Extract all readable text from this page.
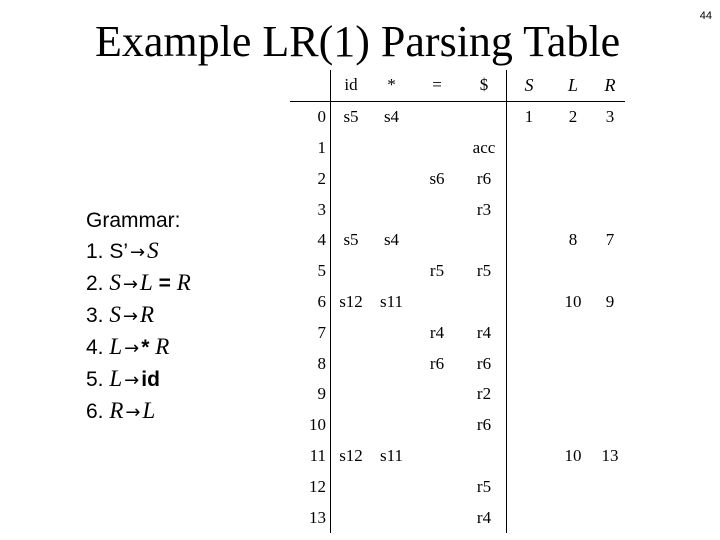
44
Example LR(1) Parsing Table
Grammar:
1. S’ →S
2. S →L = R
3. S →R
4. L →* R
5. L →id
6. R →L
	id	*	=	$	S	L	R
0	s5	s4			1	2	3
1				acc			
2			s6	r6			
3				r3			
4	s5	s4				8	7
5			r5	r5			
6	s12	s11				10	9
7			r4	r4			
8			r6	r6			
9				r2			
10				r6			
11	s12	s11				10	13
12				r5			
13				r4			
